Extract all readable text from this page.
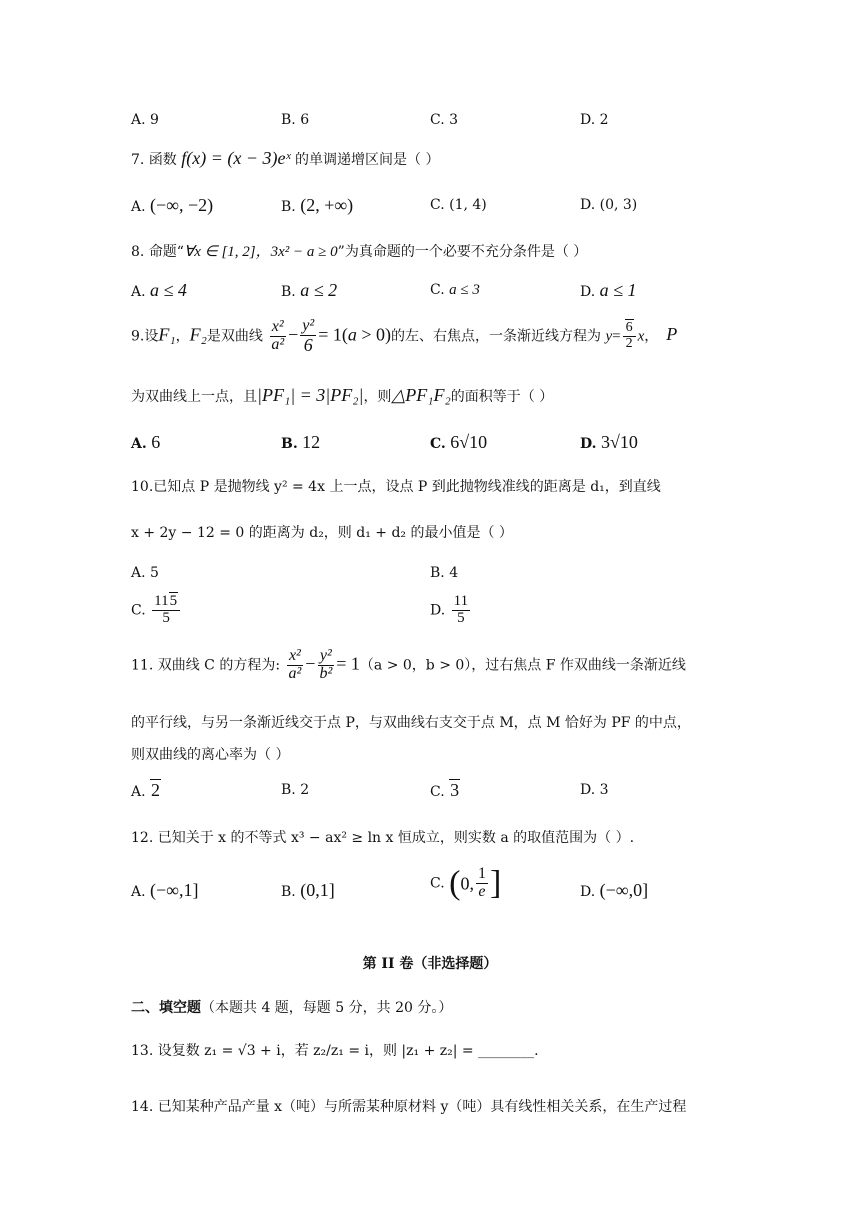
A. 9	B. 6	C. 3	D. 2
7. 函数 f(x) = (x − 3)eˣ 的单调递增区间是（ ）
A. (−∞, −2)	B. (2, +∞)	C. (1, 4)	D. (0, 3)
8. 命题“∀x ∈ [1, 2]，3x² − a ≥ 0”为真命题的一个必要不充分条件是（ ）
A. a ≤ 4	B. a ≤ 2	C. a ≤ 3	D. a ≤ 1
9.设F₁，F₂是双曲线 $\frac{\text{x²}}{\text{a²}} - \frac{\text{y²}}{6} = 1(a > 0)$的左、右焦点，一条渐近线方程为 $y= \frac{6}{2}$ x， P
为双曲线上一点，且|PF₁| = 3|PF₂|，则△PF₁F₂的面积等于（ ）
A. 6	B. 12	C. 6√10	D. 3√10
10.已知点 P 是抛物线 y² = 4x 上一点，设点 P 到此抛物线准线的距离是 d₁，到直线
x + 2y − 12 = 0 的距离为 d₂，则 d₁ + d₂ 的最小值是（ ）
A. 5	B. 4
C. $\frac{115}{5}$	D. $\frac{11}{5}$
11. 双曲线 C 的方程为: $\frac{\text{x²}}{\text{a²}} - \frac{\text{y²}}{\text{b²}} = 1(a > 0$，b > 0），过右焦点 F 作双曲线一条渐近线
的平行线，与另一条渐近线交于点 P，与双曲线右支交于点 M，点 M 恰好为 PF 的中点，
则双曲线的离心率为（ ）
A. 2	B. 2	C. 3	D. 3
12. 已知关于 x 的不等式 x³ − ax² ≥ ln x 恒成立，则实数 a 的取值范围为（ ）.
A. (−∞,1]	B. (0,1]	C. (0, $\frac{1}{e}$ ]	D. (−∞,0]
第 II 卷（非选择题）
二、填空题（本题共 4 题，每题 5 分，共 20 分。）
13. 设复数 z₁ = √3 + i，若 z₂/z₁ = i，则 |z₁ + z₂| = ________.
14. 已知某种产品产量 x（吨）与所需某种原材料 y（吨）具有线性相关关系，在生产过程
